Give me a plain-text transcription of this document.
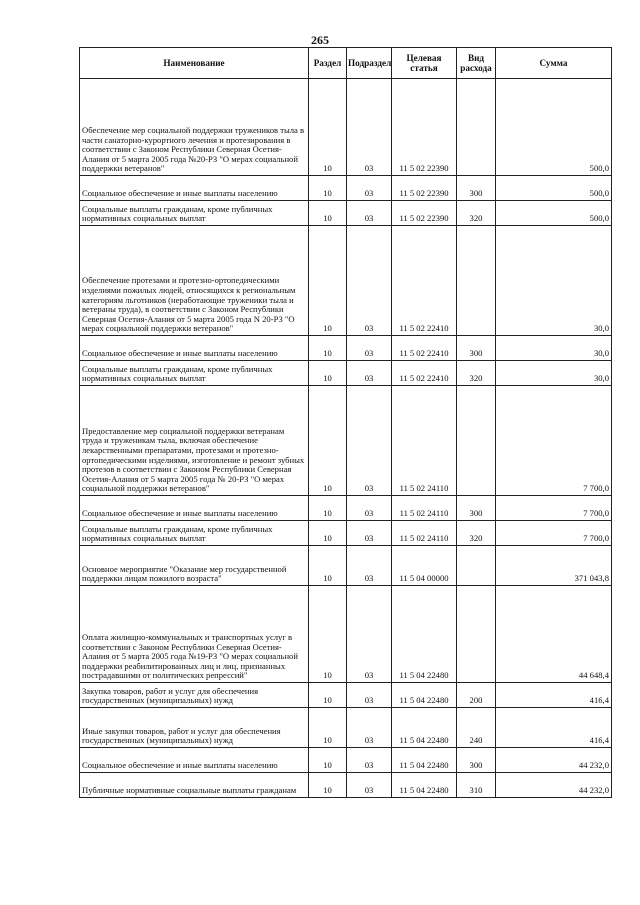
265
Наименование	Раздел	Подраздел	Целевая статья	Вид расхода	Сумма
Обеспечение мер социальной поддержки тружеников тыла в части санаторно-курортного лечения и протезирования в соответствии с Законом Республики Северная Осетия-Алания от 5 марта 2005 года №20-РЗ "О мерах социальной поддержки ветеранов"	10	03	11 5 02 22390		500,0
Социальное обеспечение и иные выплаты населению	10	03	11 5 02 22390	300	500,0
Социальные выплаты гражданам, кроме публичных нормативных социальных выплат	10	03	11 5 02 22390	320	500,0
Обеспечение протезами и протезно-ортопедическими изделиями пожилых людей, относящихся к региональным категориям льготников (неработающие труженики тыла и ветераны труда), в соответствии с Законом Республики Северная Осетия-Алания от 5 марта 2005 года N 20-РЗ "О мерах социальной поддержки ветеранов"	10	03	11 5 02 22410		30,0
Социальное обеспечение и иные выплаты населению	10	03	11 5 02 22410	300	30,0
Социальные выплаты гражданам, кроме публичных нормативных социальных выплат	10	03	11 5 02 22410	320	30,0
Предоставление мер социальной поддержки ветеранам труда и труженикам тыла, включая обеспечение лекарственными препаратами, протезами и протезно-ортопедическими изделиями, изготовление и ремонт зубных протезов в соответствии с Законом Республики Северная Осетия-Алания от 5 марта 2005 года № 20-РЗ "О мерах социальной поддержки ветеранов"	10	03	11 5 02 24110		7 700,0
Социальное обеспечение и иные выплаты населению	10	03	11 5 02 24110	300	7 700,0
Социальные выплаты гражданам, кроме публичных нормативных социальных выплат	10	03	11 5 02 24110	320	7 700,0
Основное мероприятие "Оказание мер государственной поддержки лицам пожилого возраста"	10	03	11 5 04 00000		371 043,8
Оплата жилищно-коммунальных и транспортных услуг в соответствии с Законом Республики Северная Осетия-Алания от 5 марта 2005 года №19-РЗ "О мерах социальной поддержки реабилитированных лиц и лиц, признанных пострадавшими от политических репрессий"	10	03	11 5 04 22480		44 648,4
Закупка товаров, работ и услуг для обеспечения государственных (муниципальных) нужд	10	03	11 5 04 22480	200	416,4
Иные закупки товаров, работ и услуг для обеспечения государственных (муниципальных) нужд	10	03	11 5 04 22480	240	416,4
Социальное обеспечение и иные выплаты населению	10	03	11 5 04 22480	300	44 232,0
Публичные нормативные социальные выплаты гражданам	10	03	11 5 04 22480	310	44 232,0
